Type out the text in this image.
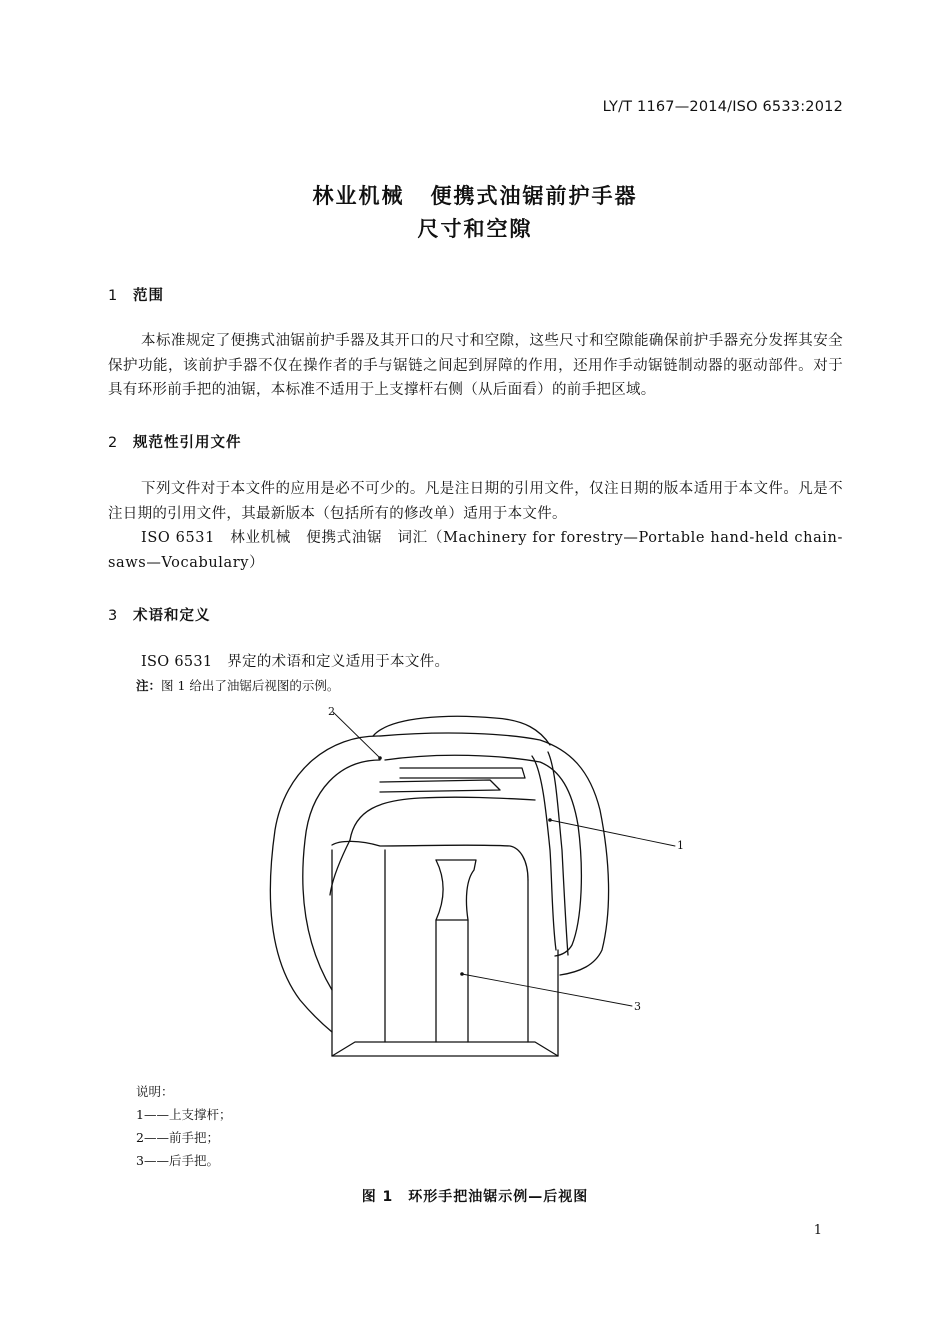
LY/T 1167—2014/ISO 6533:2012
林业机械 便携式油锯前护手器
尺寸和空隙
1 范围

本标准规定了便携式油锯前护手器及其开口的尺寸和空隙，这些尺寸和空隙能确保前护手器充分发挥其安全保护功能，该前护手器不仅在操作者的手与锯链之间起到屏障的作用，还用作手动锯链制动器的驱动部件。对于具有环形前手把的油锯，本标准不适用于上支撑杆右侧（从后面看）的前手把区域。

2 规范性引用文件

下列文件对于本文件的应用是必不可少的。凡是注日期的引用文件，仅注日期的版本适用于本文件。凡是不注日期的引用文件，其最新版本（包括所有的修改单）适用于本文件。

ISO 6531　林业机械　便携式油锯　词汇（Machinery for forestry—Portable hand-held chain-saws—Vocabulary）

3 术语和定义

ISO 6531　界定的术语和定义适用于本文件。

注：图 1 给出了油锯后视图的示例。
2
1
3
说明：
1——上支撑杆；
2——前手把；
3——后手把。
图 1　环形手把油锯示例—后视图
1
